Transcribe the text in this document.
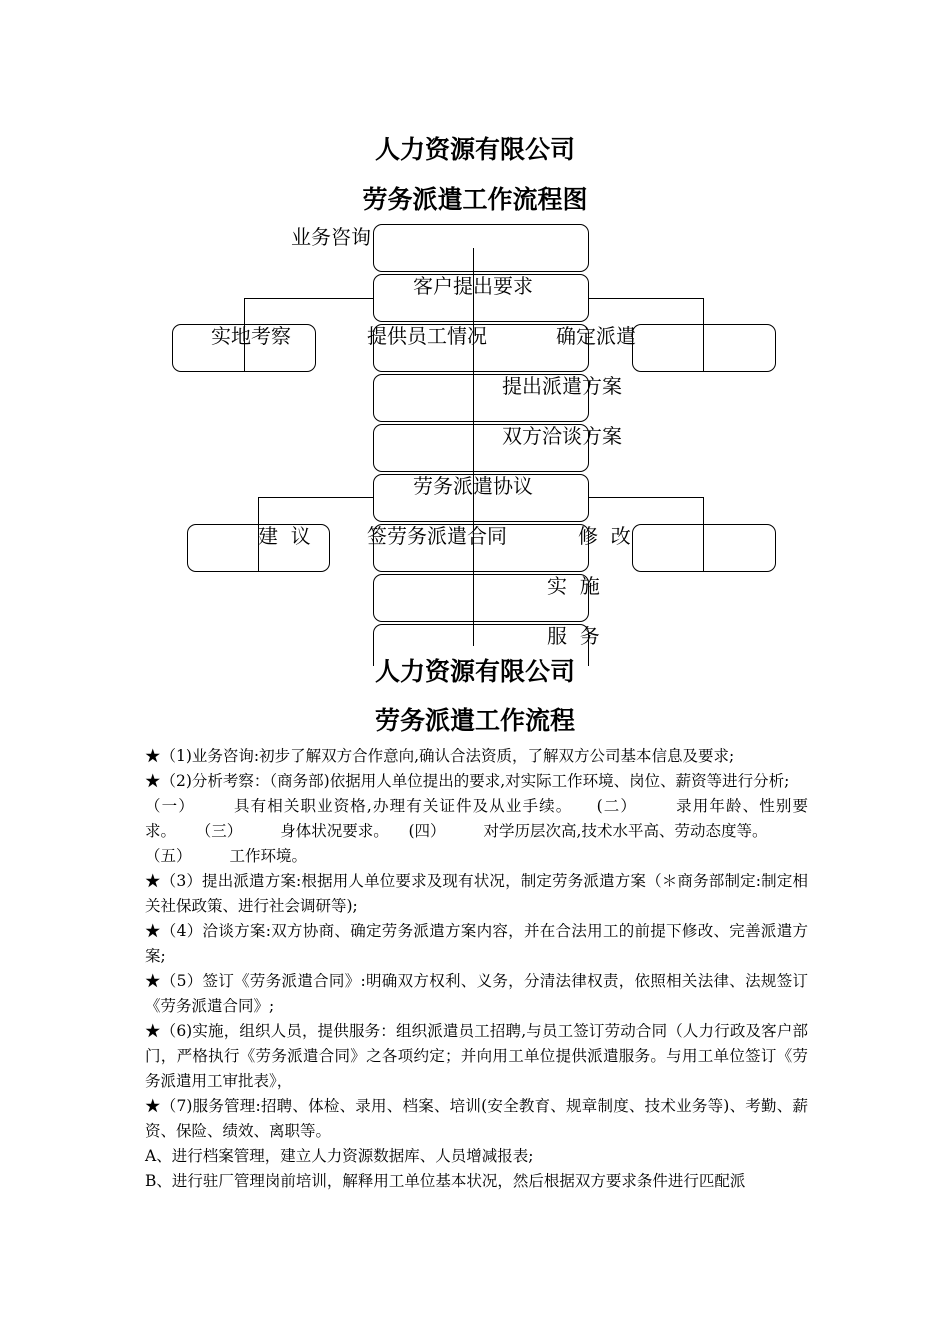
人力资源有限公司
劳务派遣工作流程图
业务咨询
客户提出要求
实地考察	提供员工情况	确定派遣
提出派遣方案
双方洽谈方案
劳务派遣协议
建  议	签劳务派遣合同	修  改
实  施
服  务
人力资源有限公司
劳务派遣工作流程

★（1)业务咨询:初步了解双方合作意向,确认合法资质，了解双方公司基本信息及要求;

★（2)分析考察：（商务部)依据用人单位提出的要求,对实际工作环境、岗位、薪资等进行分析;

（一） 具有相关职业资格,办理有关证件及从业手续。 (二） 录用年龄、性别要求。 （三） 身体状况要求。 (四） 对学历层次高,技术水平高、劳动态度等。
（五） 工作环境。

★（3）提出派遣方案:根据用人单位要求及现有状况，制定劳务派遣方案（＊商务部制定:制定相关社保政策、进行社会调研等);

★（4）洽谈方案:双方协商、确定劳务派遣方案内容，并在合法用工的前提下修改、完善派遣方案;

★（5）签订《劳务派遣合同》:明确双方权利、义务，分清法律权责，依照相关法律、法规签订《劳务派遣合同》;

★（6)实施，组织人员，提供服务：组织派遣员工招聘,与员工签订劳动合同（人力行政及客户部门，严格执行《劳务派遣合同》之各项约定；并向用工单位提供派遣服务。与用工单位签订《劳务派遣用工审批表》，

★（7)服务管理:招聘、体检、录用、档案、培训(安全教育、规章制度、技术业务等)、考勤、薪资、保险、绩效、离职等。

A、进行档案管理，建立人力资源数据库、人员增减报表;

B、进行驻厂管理岗前培训，解释用工单位基本状况，然后根据双方要求条件进行匹配派
